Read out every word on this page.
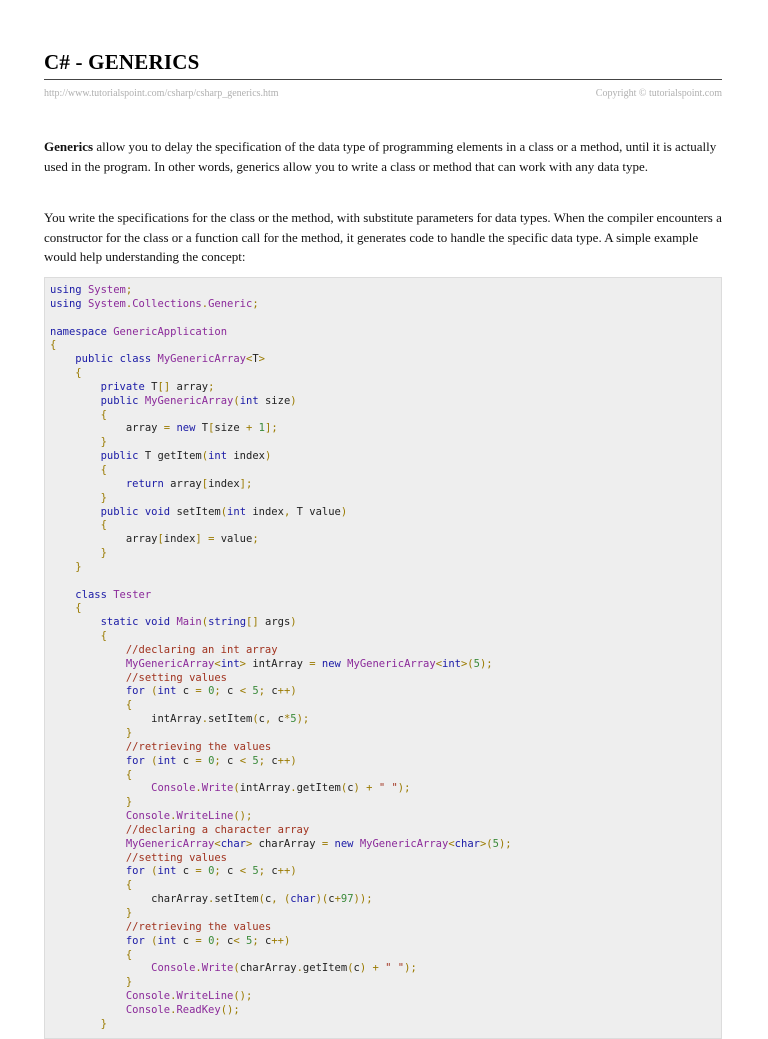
C# - GENERICS
http://www.tutorialspoint.com/csharp/csharp_generics.htm	Copyright © tutorialspoint.com

Generics allow you to delay the specification of the data type of programming elements in a class or a method, until it is actually used in the program. In other words, generics allow you to write a class or method that can work with any data type.

You write the specifications for the class or the method, with substitute parameters for data types. When the compiler encounters a constructor for the class or a function call for the method, it generates code to handle the specific data type. A simple example would help understanding the concept:

using System;
using System.Collections.Generic;
namespace GenericApplication
{
public class MyGenericArray<T>
{
private T[] array;
public MyGenericArray(int size)
{
array = new T[size + 1];
}
public T getItem(int index)
{
return array[index];
}
public void setItem(int index, T value)
{
array[index] = value;
}
}
class Tester
{
static void Main(string[] args)
{
//declaring an int array
MyGenericArray<int> intArray = new MyGenericArray<int>(5);
//setting values
for (int c = 0; c < 5; c++)
{
intArray.setItem(c, c*5);
}
//retrieving the values
for (int c = 0; c < 5; c++)
{
Console.Write(intArray.getItem(c) + " ");
}
Console.WriteLine();
//declaring a character array
MyGenericArray<char> charArray = new MyGenericArray<char>(5);
//setting values
for (int c = 0; c < 5; c++)
{
charArray.setItem(c, (char)(c+97));
}
//retrieving the values
for (int c = 0; c< 5; c++)
{
Console.Write(charArray.getItem(c) + " ");
}
Console.WriteLine();
Console.ReadKey();
}
